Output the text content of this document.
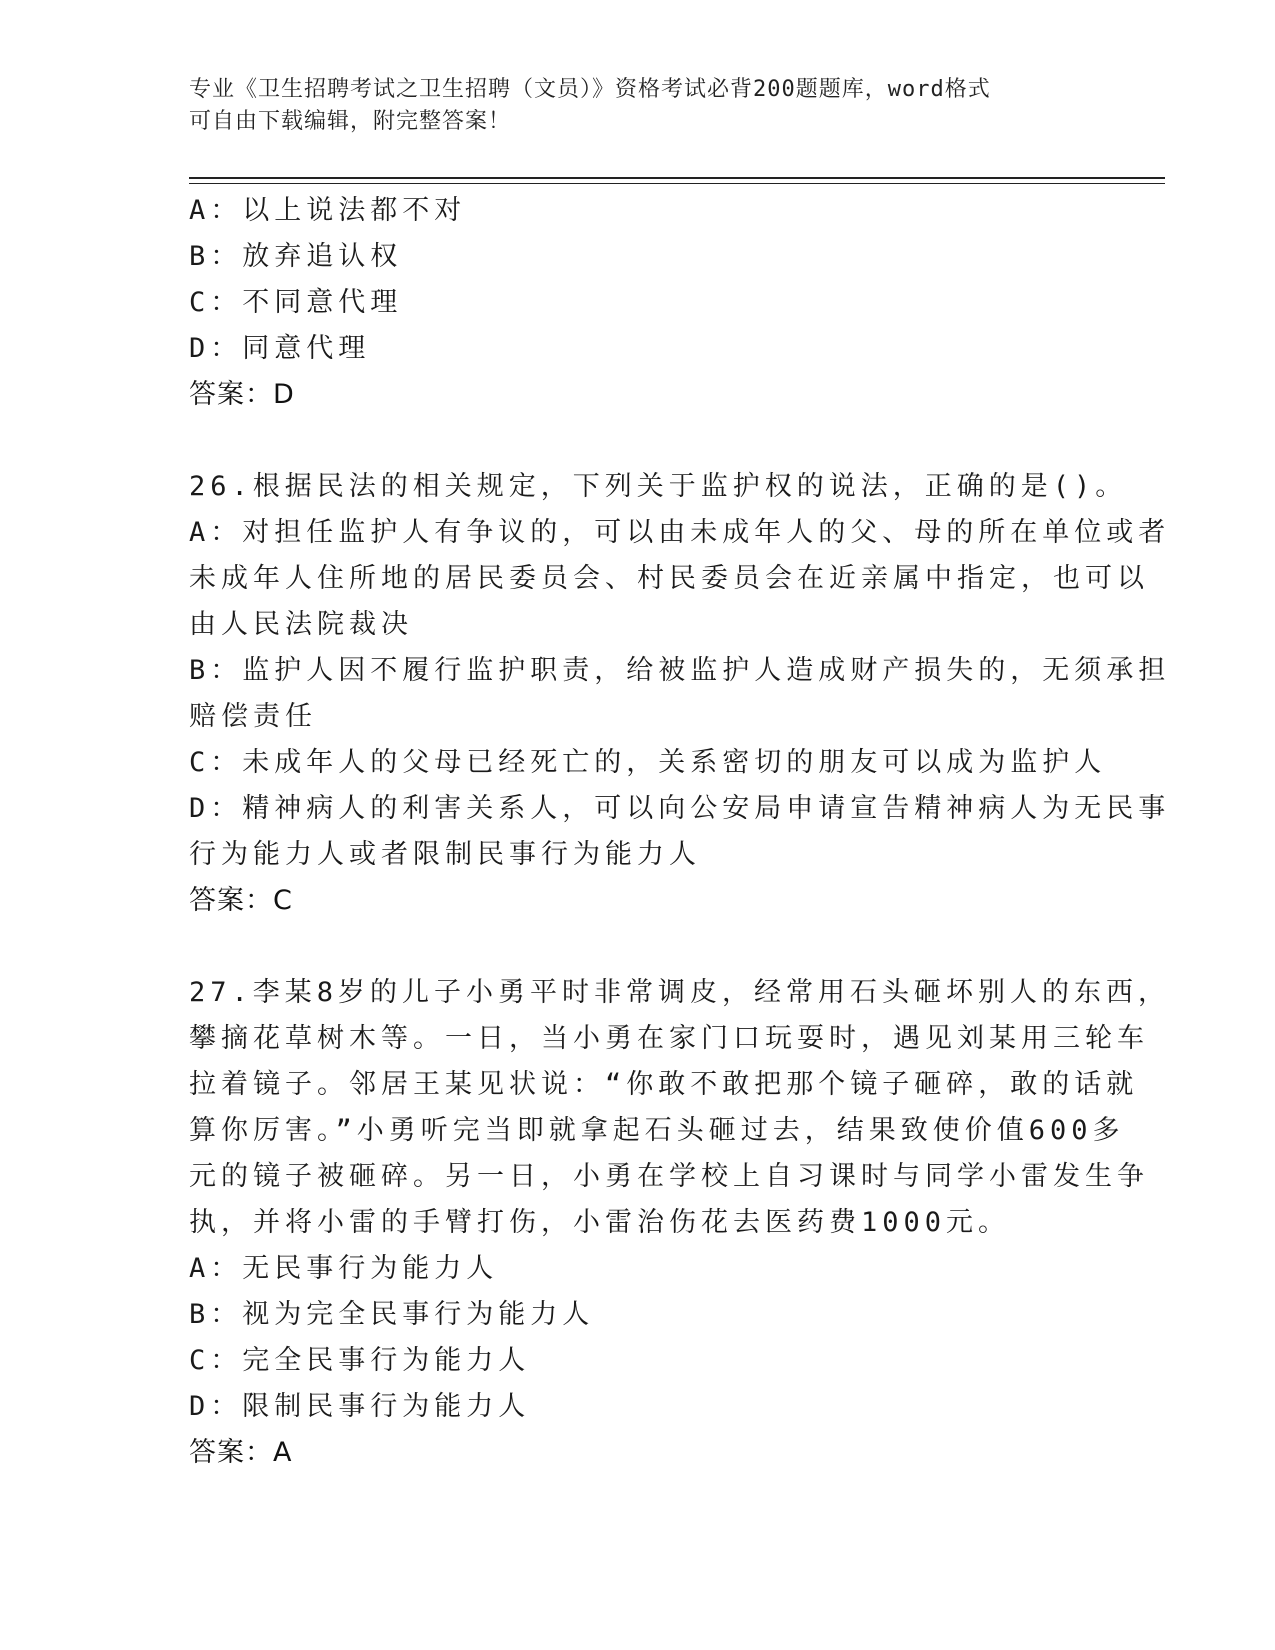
专业《卫生招聘考试之卫生招聘（文员）》资格考试必背200题题库，word格式
可自由下载编辑，附完整答案！
A：以上说法都不对
B：放弃追认权
C：不同意代理
D：同意代理
答案：D
26.根据民法的相关规定，下列关于监护权的说法，正确的是()。
A：对担任监护人有争议的，可以由未成年人的父、母的所在单位或者
未成年人住所地的居民委员会、村民委员会在近亲属中指定，也可以
由人民法院裁决
B：监护人因不履行监护职责，给被监护人造成财产损失的，无须承担
赔偿责任
C：未成年人的父母已经死亡的，关系密切的朋友可以成为监护人
D：精神病人的利害关系人，可以向公安局申请宣告精神病人为无民事
行为能力人或者限制民事行为能力人
答案：C
27.李某8岁的儿子小勇平时非常调皮，经常用石头砸坏别人的东西，
攀摘花草树木等。一日，当小勇在家门口玩耍时，遇见刘某用三轮车
拉着镜子。邻居王某见状说：“你敢不敢把那个镜子砸碎，敢的话就
算你厉害。”小勇听完当即就拿起石头砸过去，结果致使价值600多
元的镜子被砸碎。另一日，小勇在学校上自习课时与同学小雷发生争
执，并将小雷的手臂打伤，小雷治伤花去医药费1000元。
A：无民事行为能力人
B：视为完全民事行为能力人
C：完全民事行为能力人
D：限制民事行为能力人
答案：A
